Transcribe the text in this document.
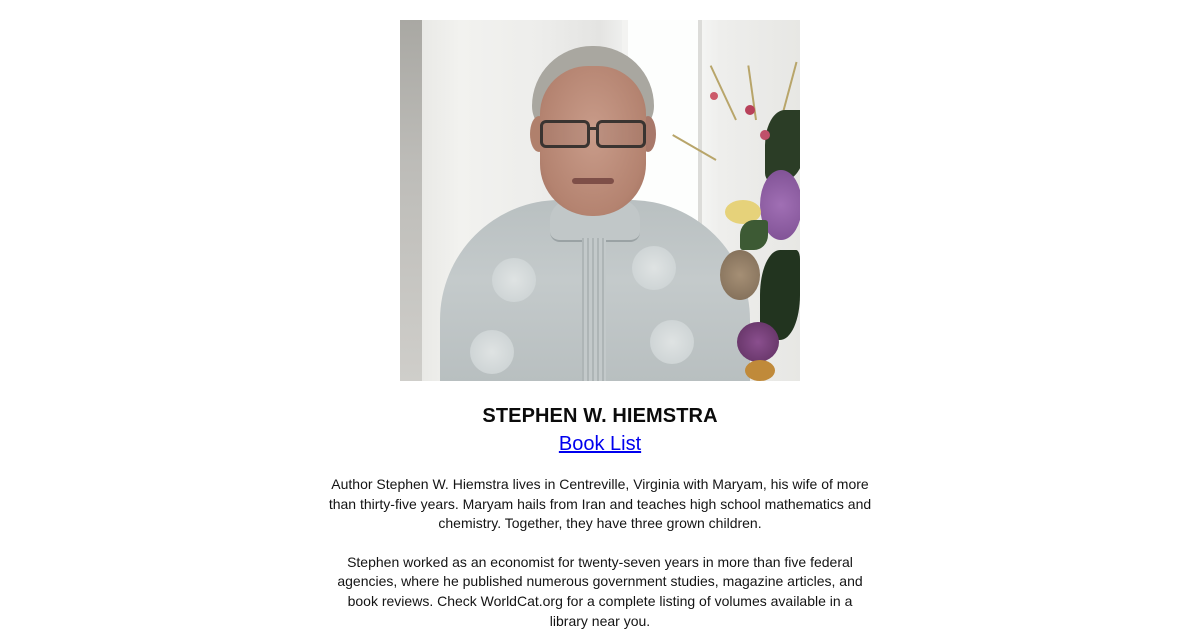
STEPHEN W. HIEMSTRA
Book List

Author Stephen W. Hiemstra lives in Centreville, Virginia with Maryam, his wife of more than thirty-five years. Maryam hails from Iran and teaches high school mathematics and chemistry. Together, they have three grown children.

Stephen worked as an economist for twenty-seven years in more than five federal agencies, where he published numerous government studies, magazine articles, and book reviews. Check WorldCat.org for a complete listing of volumes available in a library near you.
